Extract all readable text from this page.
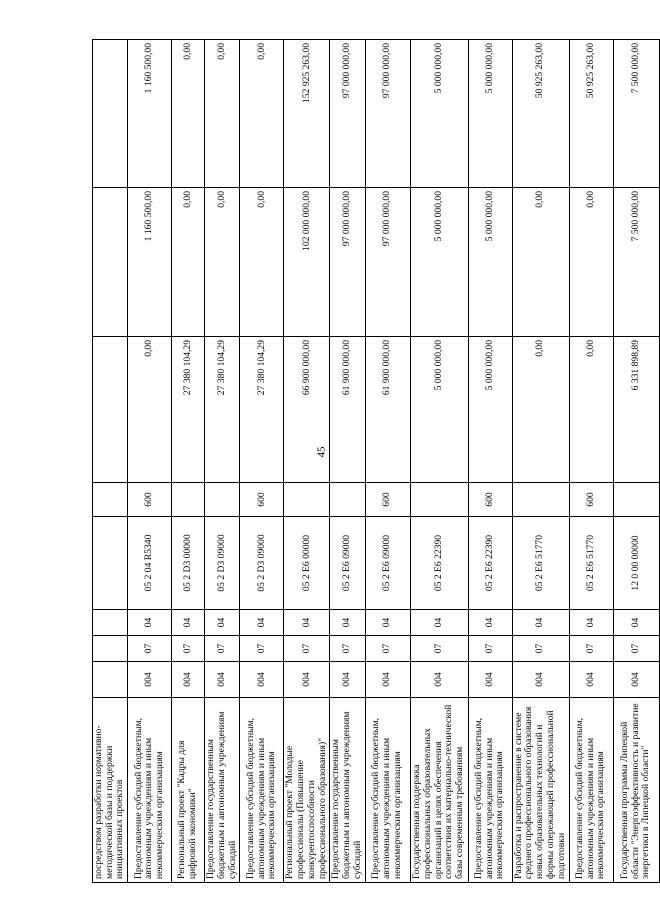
45
посредством разработки нормативно-методической базы и поддержки инициативных проектов								
Предоставление субсидий бюджетным, автономным учреждениям и иным некоммерческим организациям	004	07	04	05 2 04 R5340	600	0,00	1 160 500,00	1 160 500,00
Региональный проект "Кадры для цифровой экономики"	004	07	04	05 2 D3 00000		27 380 104,29	0,00	0,00
Предоставление государственным бюджетным и автономным учреждениям субсидий	004	07	04	05 2 D3 09000		27 380 104,29	0,00	0,00
Предоставление субсидий бюджетным, автономным учреждениям и иным некоммерческим организациям	004	07	04	05 2 D3 09000	600	27 380 104,29	0,00	0,00
Региональный проект "Молодые профессионалы (Повышение конкурентоспособности профессионального образования)"	004	07	04	05 2 E6 00000		66 900 000,00	102 000 000,00	152 925 263,00
Предоставление государственным бюджетным и автономным учреждениям субсидий	004	07	04	05 2 E6 09000		61 900 000,00	97 000 000,00	97 000 000,00
Предоставление субсидий бюджетным, автономным учреждениям и иным некоммерческим организациям	004	07	04	05 2 E6 09000	600	61 900 000,00	97 000 000,00	97 000 000,00
Государственная поддержка профессиональных образовательных организаций в целях обеспечения соответствия их материально-технической базы современным требованиям	004	07	04	05 2 E6 22390		5 000 000,00	5 000 000,00	5 000 000,00
Предоставление субсидий бюджетным, автономным учреждениям и иным некоммерческим организациям	004	07	04	05 2 E6 22390	600	5 000 000,00	5 000 000,00	5 000 000,00
Разработка и распространение в системе среднего профессионального образования новых образовательных технологий и формы опережающей профессиональной подготовки	004	07	04	05 2 E6 51770		0,00	0,00	50 925 263,00
Предоставление субсидий бюджетным, автономным учреждениям и иным некоммерческим организациям	004	07	04	05 2 E6 51770	600	0,00	0,00	50 925 263,00
Государственная программа Липецкой области "Энергоэффективность и развитие энергетики в Липецкой области"	004	07	04	12 0 00 00000		6 331 898,89	7 500 000,00	7 500 000,00
